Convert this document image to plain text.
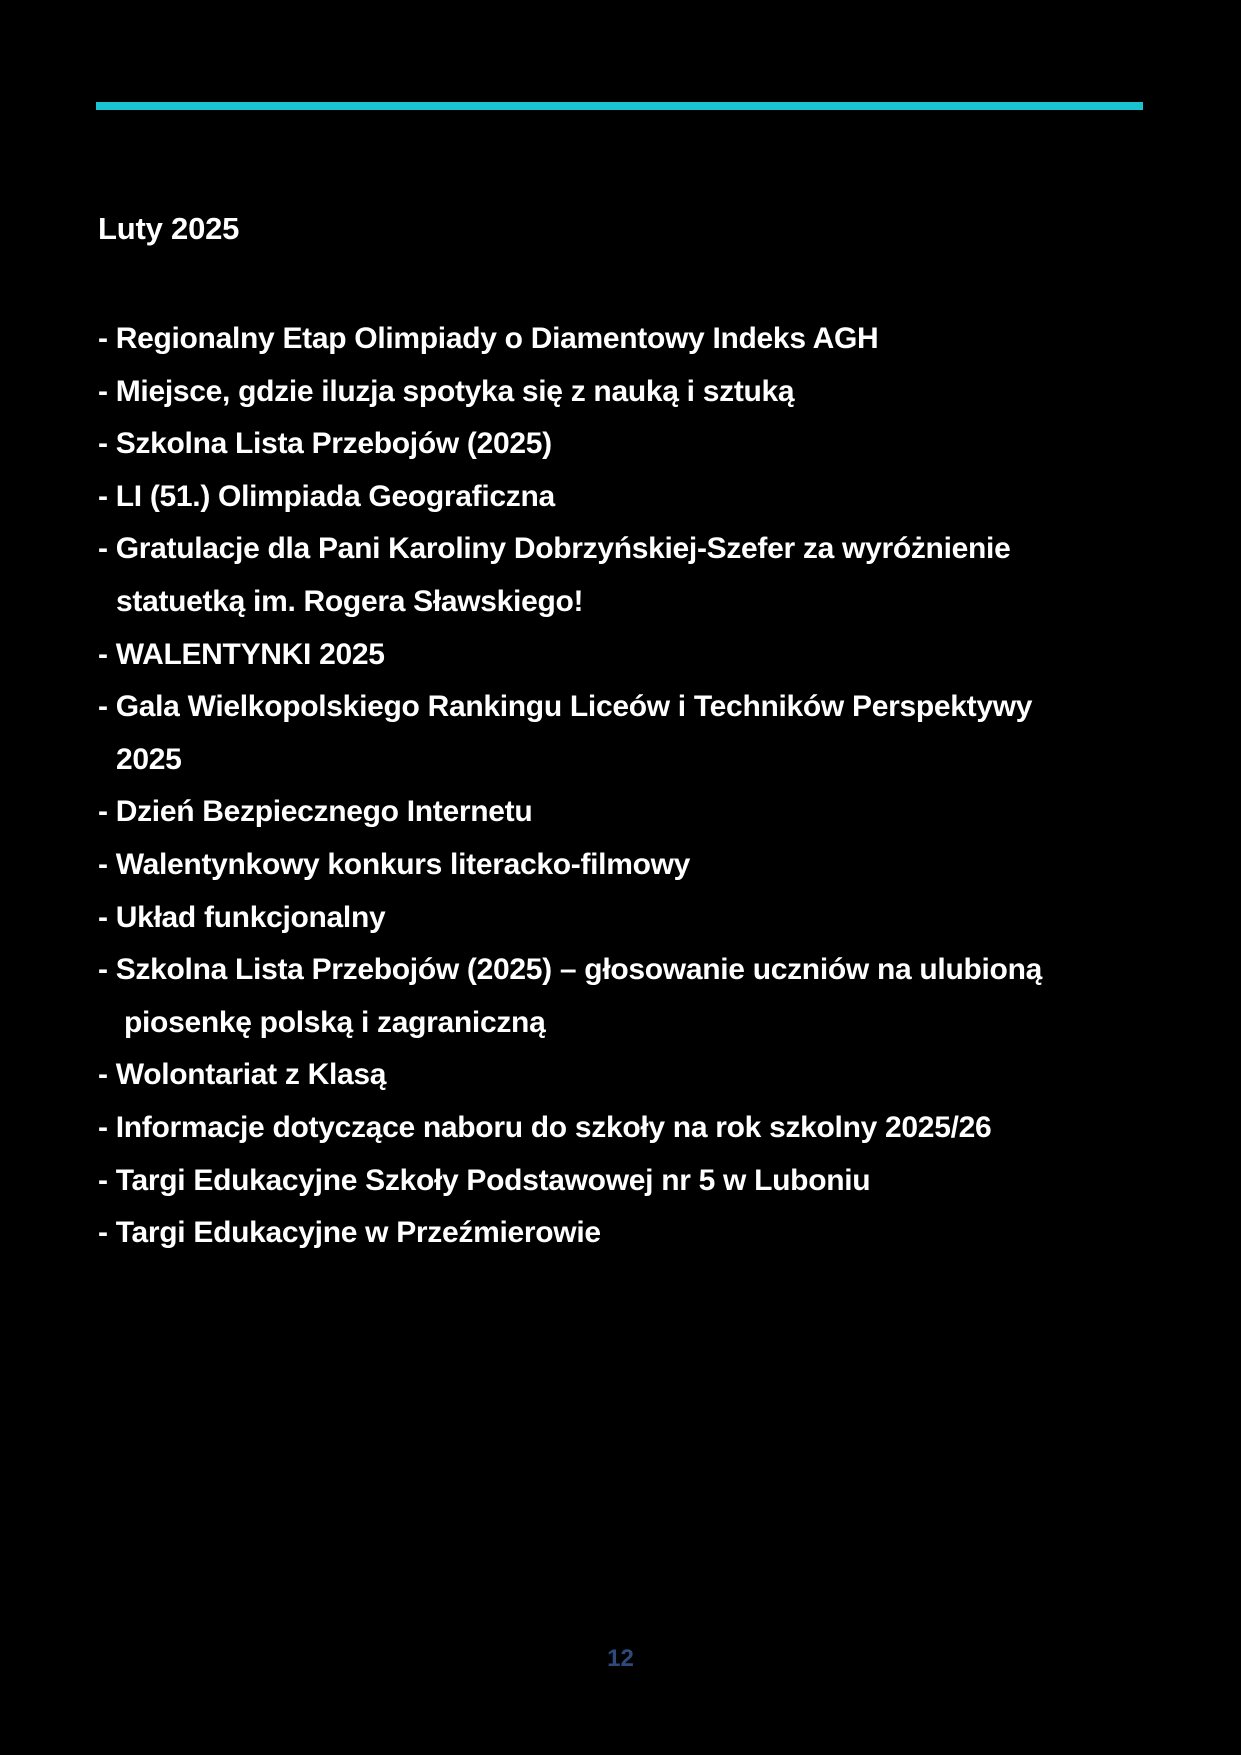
Luty 2025
- Regionalny Etap Olimpiady o Diamentowy Indeks AGH
- Miejsce, gdzie iluzja spotyka się z nauką i sztuką
- Szkolna Lista Przebojów (2025)
- LI (51.) Olimpiada Geograficzna
- Gratulacje dla Pani Karoliny Dobrzyńskiej-Szefer za wyróżnienie
statuetką im. Rogera Sławskiego!
- WALENTYNKI 2025
- Gala Wielkopolskiego Rankingu Liceów i Techników Perspektywy
2025
- Dzień Bezpiecznego Internetu
- Walentynkowy konkurs literacko-filmowy
- Układ funkcjonalny
- Szkolna Lista Przebojów (2025) – głosowanie uczniów na ulubioną
piosenkę polską i zagraniczną
- Wolontariat z Klasą
- Informacje dotyczące naboru do szkoły na rok szkolny 2025/26
- Targi Edukacyjne Szkoły Podstawowej nr 5 w Luboniu
- Targi Edukacyjne w Przeźmierowie
12
